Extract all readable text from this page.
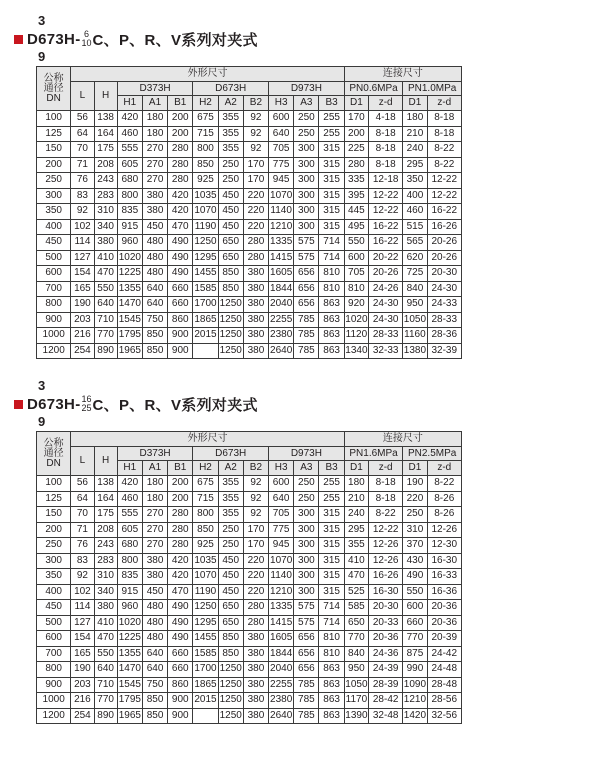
3
D673H- 6
10 C、P、R、V系列对夹式
9
公称
通径
DN	外形尺寸											连接尺寸			
	L	H	D373H			D673H			D973H			PN0.6MPa		PN1.0MPa	
			H1	A1	B1	H2	A2	B2	H3	A3	B3	D1	z-d	D1	z-d
100	56	138	420	180	200	675	355	92	600	250	255	170	4-18	180	8-18
125	64	164	460	180	200	715	355	92	640	250	255	200	8-18	210	8-18
150	70	175	555	270	280	800	355	92	705	300	315	225	8-18	240	8-22
200	71	208	605	270	280	850	250	170	775	300	315	280	8-18	295	8-22
250	76	243	680	270	280	925	250	170	945	300	315	335	12-18	350	12-22
300	83	283	800	380	420	1035	450	220	1070	300	315	395	12-22	400	12-22
350	92	310	835	380	420	1070	450	220	1140	300	315	445	12-22	460	16-22
400	102	340	915	450	470	1190	450	220	1210	300	315	495	16-22	515	16-26
450	114	380	960	480	490	1250	650	280	1335	575	714	550	16-22	565	20-26
500	127	410	1020	480	490	1295	650	280	1415	575	714	600	20-22	620	20-26
600	154	470	1225	480	490	1455	850	380	1605	656	810	705	20-26	725	20-30
700	165	550	1355	640	660	1585	850	380	1844	656	810	810	24-26	840	24-30
800	190	640	1470	640	660	1700	1250	380	2040	656	863	920	24-30	950	24-33
900	203	710	1545	750	860	1865	1250	380	2255	785	863	1020	24-30	1050	28-33
1000	216	770	1795	850	900	2015	1250	380	2380	785	863	1120	28-33	1160	28-36
1200	254	890	1965	850	900		1250	380	2640	785	863	1340	32-33	1380	32-39
3
D673H- 16
25 C、P、R、V系列对夹式
9
公称
通径
DN	外形尺寸											连接尺寸			
	L	H	D373H			D673H			D973H			PN1.6MPa		PN2.5MPa	
			H1	A1	B1	H2	A2	B2	H3	A3	B3	D1	z-d	D1	z-d
100	56	138	420	180	200	675	355	92	600	250	255	180	8-18	190	8-22
125	64	164	460	180	200	715	355	92	640	250	255	210	8-18	220	8-26
150	70	175	555	270	280	800	355	92	705	300	315	240	8-22	250	8-26
200	71	208	605	270	280	850	250	170	775	300	315	295	12-22	310	12-26
250	76	243	680	270	280	925	250	170	945	300	315	355	12-26	370	12-30
300	83	283	800	380	420	1035	450	220	1070	300	315	410	12-26	430	16-30
350	92	310	835	380	420	1070	450	220	1140	300	315	470	16-26	490	16-33
400	102	340	915	450	470	1190	450	220	1210	300	315	525	16-30	550	16-36
450	114	380	960	480	490	1250	650	280	1335	575	714	585	20-30	600	20-36
500	127	410	1020	480	490	1295	650	280	1415	575	714	650	20-33	660	20-36
600	154	470	1225	480	490	1455	850	380	1605	656	810	770	20-36	770	20-39
700	165	550	1355	640	660	1585	850	380	1844	656	810	840	24-36	875	24-42
800	190	640	1470	640	660	1700	1250	380	2040	656	863	950	24-39	990	24-48
900	203	710	1545	750	860	1865	1250	380	2255	785	863	1050	28-39	1090	28-48
1000	216	770	1795	850	900	2015	1250	380	2380	785	863	1170	28-42	1210	28-56
1200	254	890	1965	850	900		1250	380	2640	785	863	1390	32-48	1420	32-56
